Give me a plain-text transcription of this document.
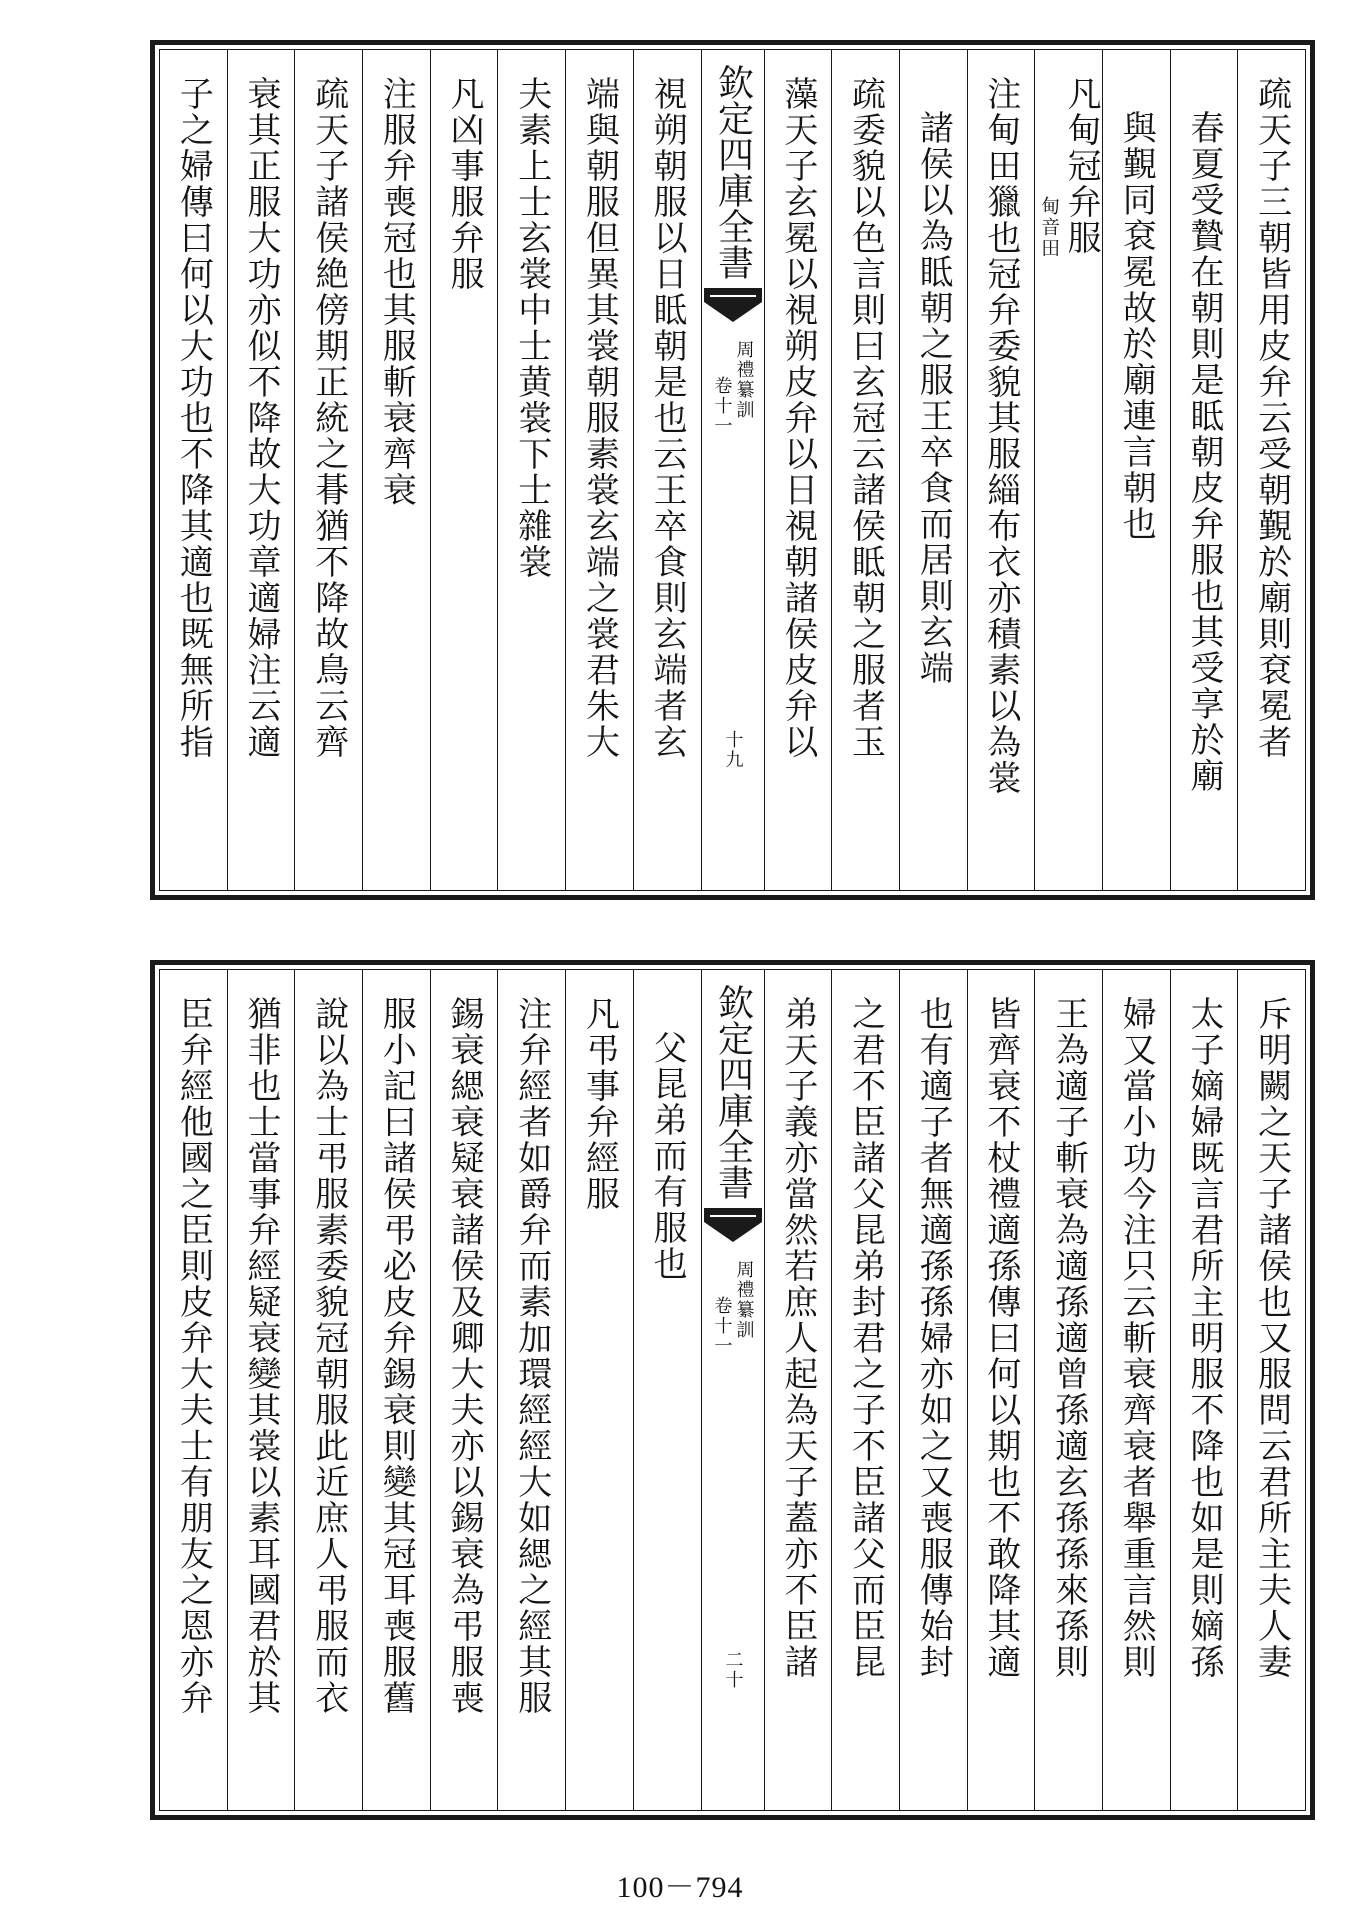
疏天子三朝皆用皮弁云受朝覲於廟則袞冕者
春夏受贄在朝則是眡朝皮弁服也其受享於廟
與覲同袞冕故於廟連言朝也
凡甸冠弁服
甸音田
注甸田獵也冠弁委貌其服緇布衣亦積素以為裳
諸侯以為眡朝之服王卒食而居則玄端
疏委貌以色言則曰玄冠云諸侯眡朝之服者玉
藻天子玄冕以視朔皮弁以日視朝諸侯皮弁以
欽定四庫全書
周禮纂訓
卷十一
十九
視朔朝服以日眡朝是也云王卒食則玄端者玄
端與朝服但異其裳朝服素裳玄端之裳君朱大
夫素上士玄裳中士黄裳下士雜裳
凡凶事服弁服
注服弁喪冠也其服斬衰齊衰
疏天子諸侯絶傍期正統之朞猶不降故鳥云齊
衰其正服大功亦似不降故大功章適婦注云適
子之婦傳曰何以大功也不降其適也既無所指
斥明闕之天子諸侯也又服問云君所主夫人妻
太子嫡婦既言君所主明服不降也如是則嫡孫
婦又當小功今注只云斬衰齊衰者舉重言然則
王為適子斬衰為適孫適曾孫適玄孫孫來孫則
皆齊衰不杖禮適孫傳曰何以期也不敢降其適
也有適子者無適孫孫婦亦如之又喪服傳始封
之君不臣諸父昆弟封君之子不臣諸父而臣昆
弟天子義亦當然若庶人起為天子蓋亦不臣諸
欽定四庫全書
周禮纂訓
卷十一
二十
父昆弟而有服也
凡弔事弁經服
注弁經者如爵弁而素加環經經大如緦之經其服
錫衰緦衰疑衰諸侯及卿大夫亦以錫衰為弔服喪
服小記曰諸侯弔必皮弁錫衰則變其冠耳喪服舊
說以為士弔服素委貌冠朝服此近庶人弔服而衣
猶非也士當事弁經疑衰變其裳以素耳國君於其
臣弁經他國之臣則皮弁大夫士有朋友之恩亦弁
100－794
